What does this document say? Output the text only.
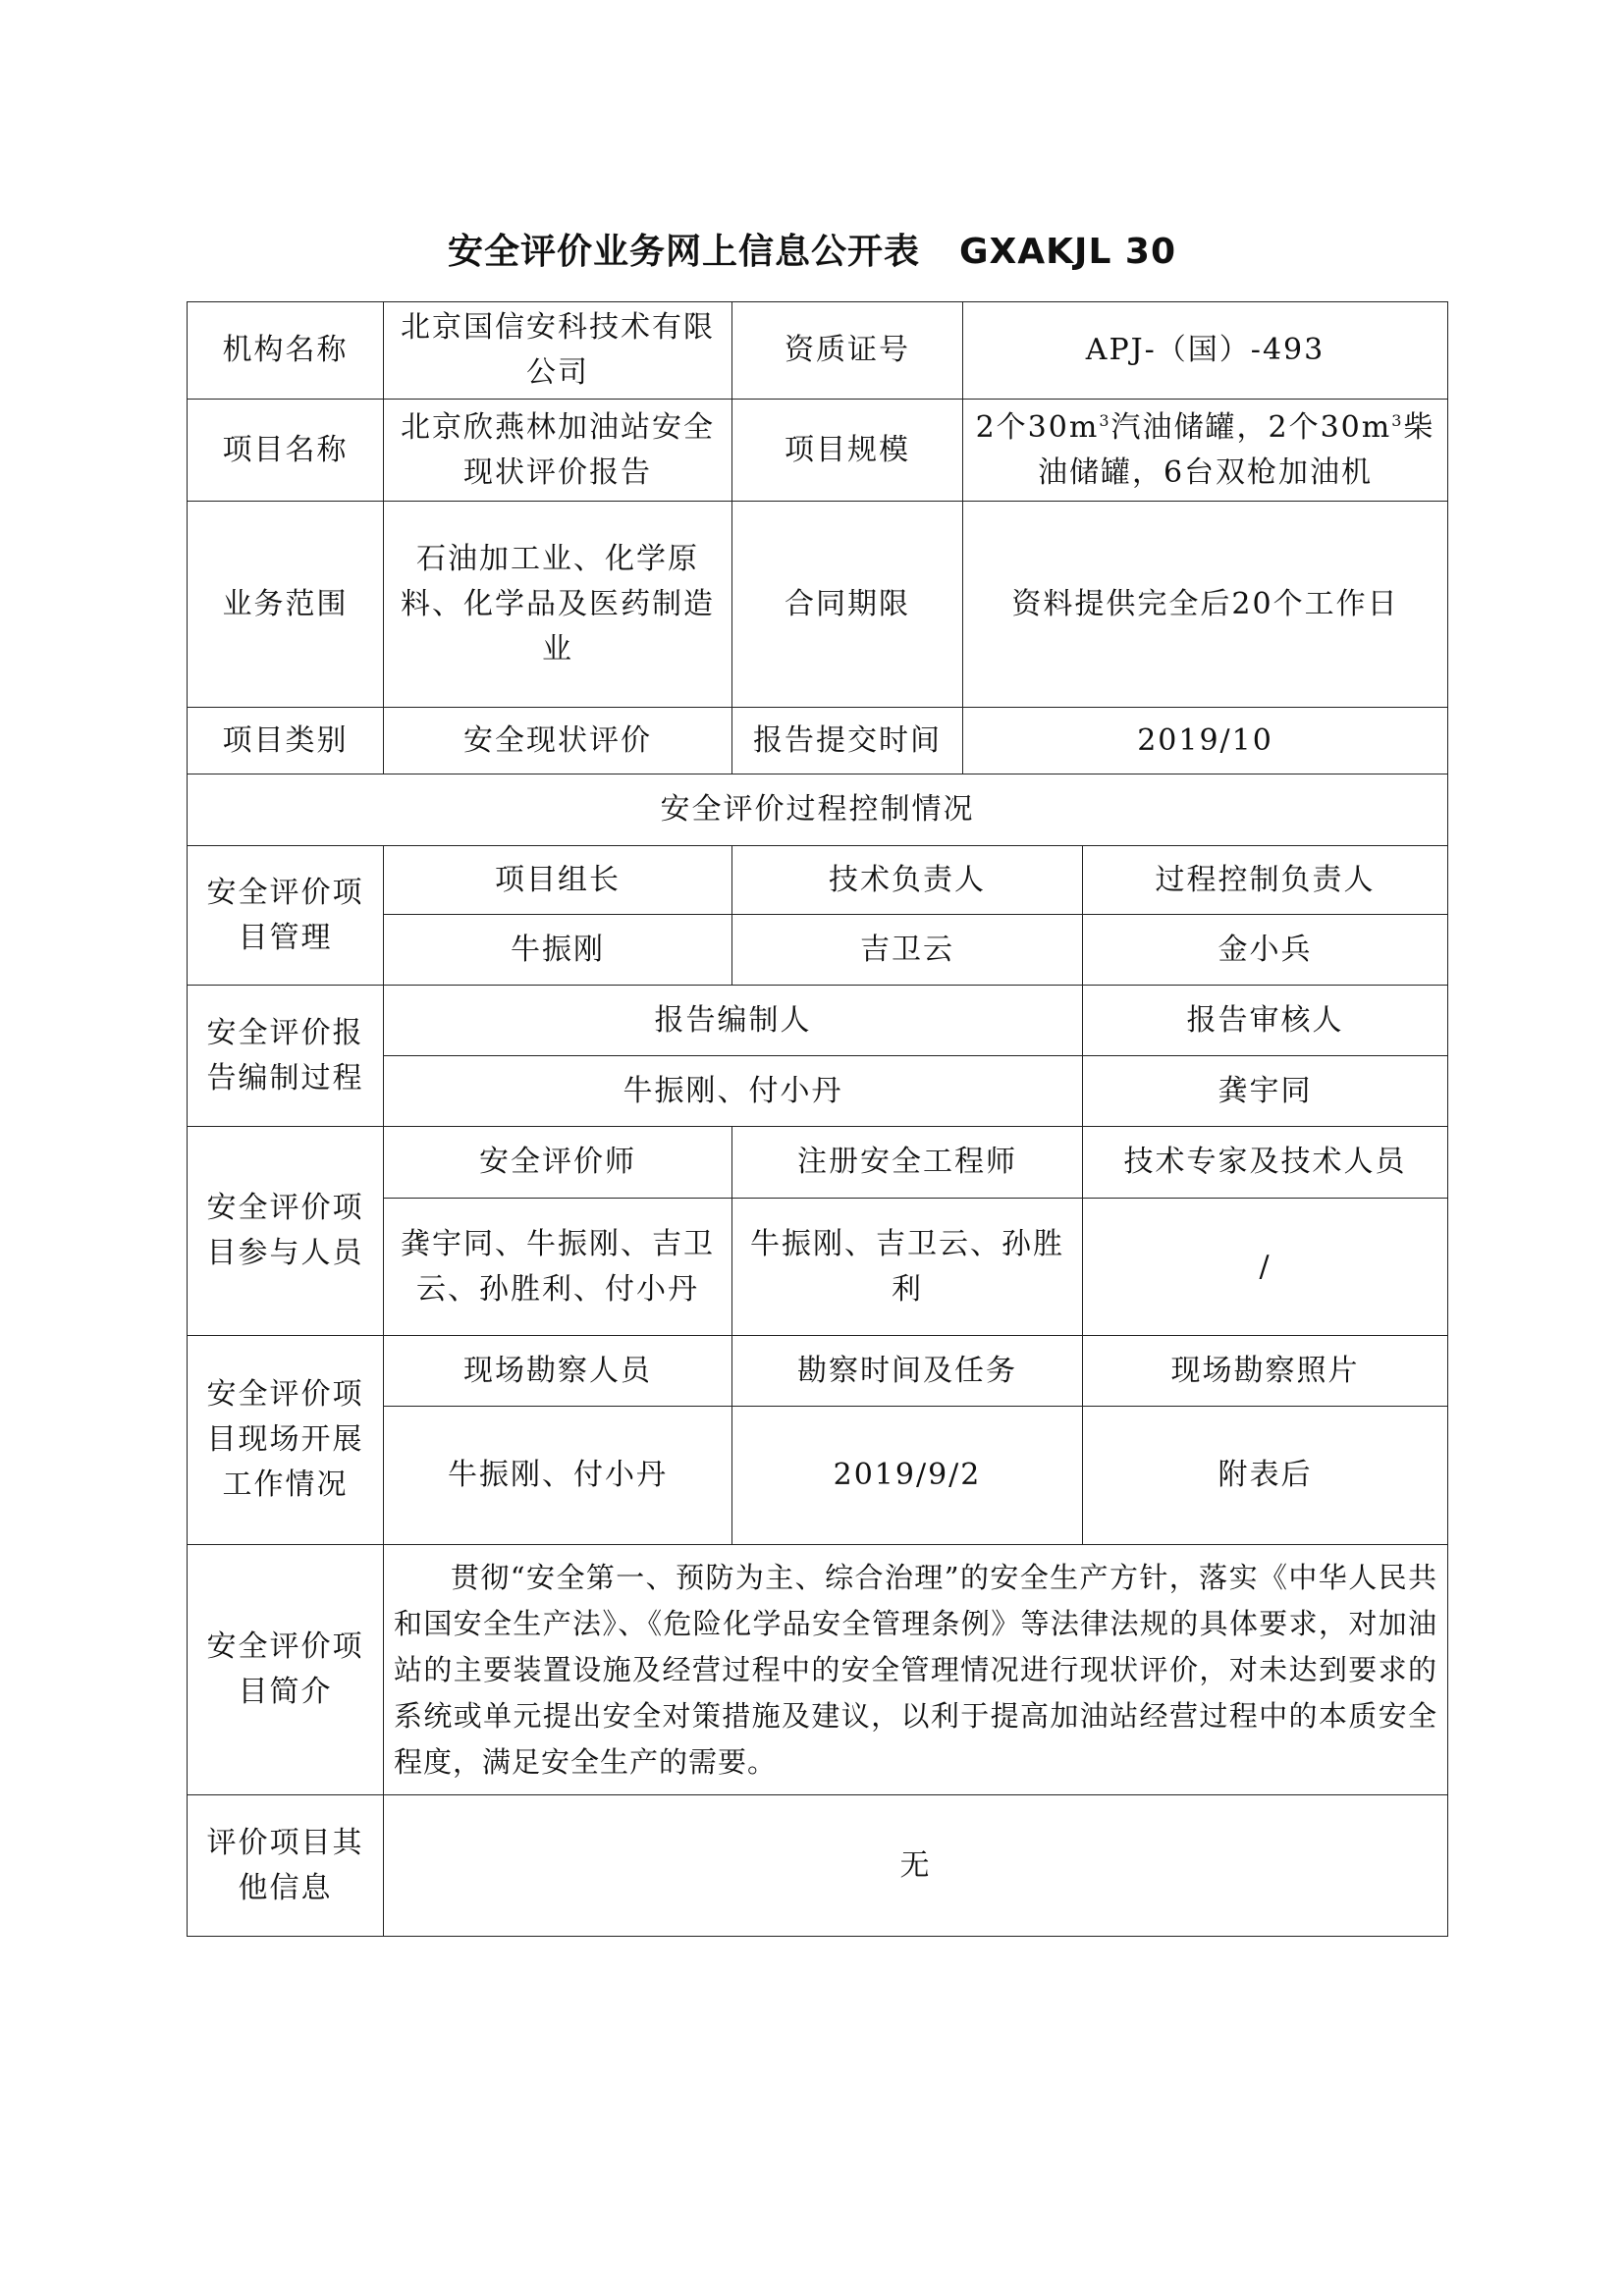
安全评价业务网上信息公开表 GXAKJL 30
机构名称	北京国信安科技术有限公司	资质证号	APJ-（国）-493	
项目名称	北京欣燕林加油站安全现状评价报告	项目规模	2个$30m^3$汽油储罐，2个$30m^3$柴油储罐，6台双枪加油机	
业务范围	石油加工业、化学原料、化学品及医药制造业	合同期限	资料提供完全后20个工作日	
项目类别	安全现状评价	报告提交时间	2019/10	
安全评价过程控制情况				
安全评价项目管理	项目组长	技术负责人		过程控制负责人
	牛振刚	吉卫云		金小兵
安全评价报告编制过程	报告编制人			报告审核人
	牛振刚、付小丹			龚宇同
安全评价项目参与人员	安全评价师	注册安全工程师		技术专家及技术人员
	龚宇同、牛振刚、吉卫云、孙胜利、付小丹	牛振刚、吉卫云、孙胜利		/
安全评价项目现场开展工作情况	现场勘察人员	勘察时间及任务		现场勘察照片
	牛振刚、付小丹	2019/9/2		附表后
安全评价项目简介	贯彻“安全第一、预防为主、综合治理”的安全生产方针，落实《中华人民共和国安全生产法》、《危险化学品安全管理条例》等法律法规的具体要求，对加油站的主要装置设施及经营过程中的安全管理情况进行现状评价，对未达到要求的系统或单元提出安全对策措施及建议，以利于提高加油站经营过程中的本质安全程度，满足安全生产的需要。			
评价项目其他信息	无			
